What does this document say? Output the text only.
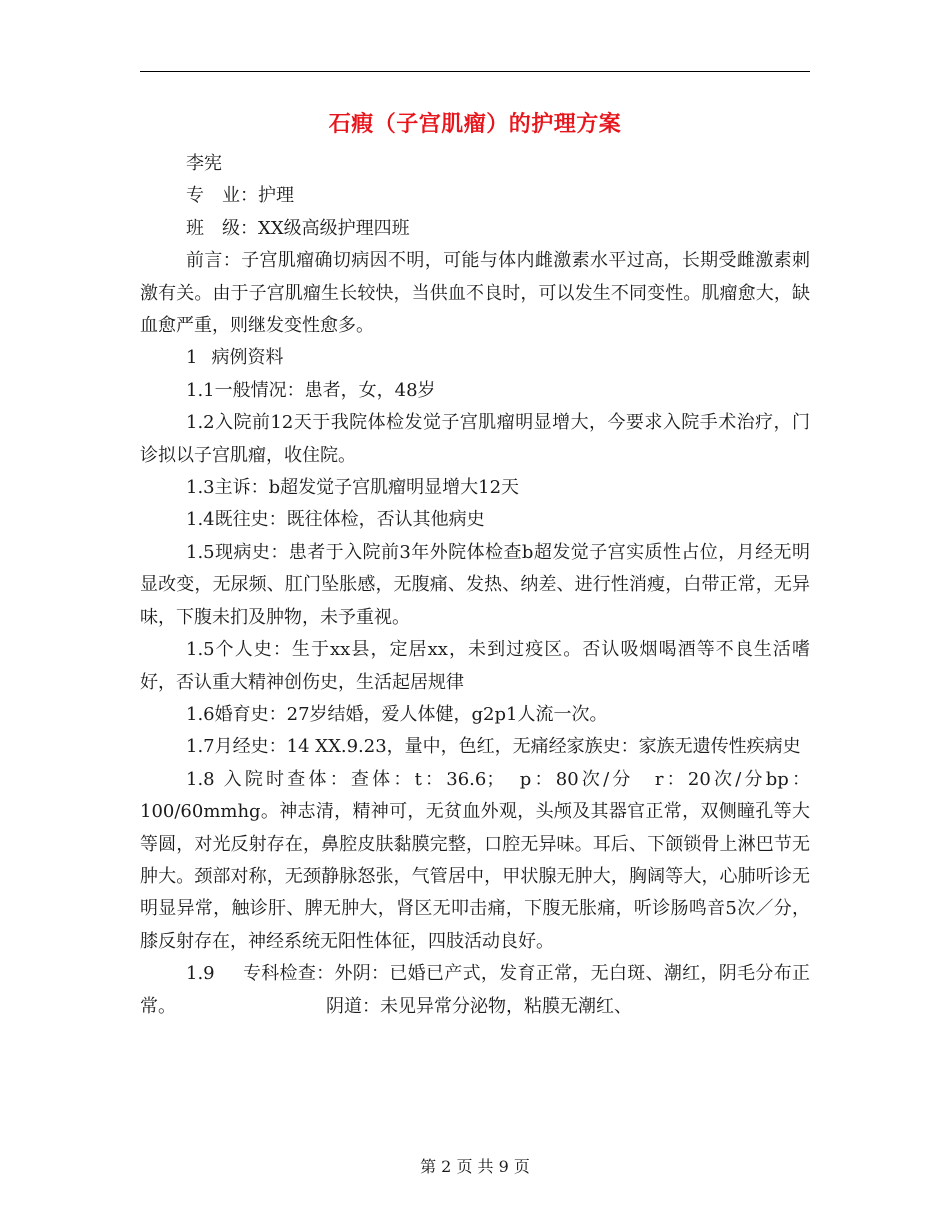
石瘕（子宫肌瘤）的护理方案

李宪

专　业：护理

班　级：XX级高级护理四班

前言：子宫肌瘤确切病因不明，可能与体内雌激素水平过高，长期受雌激素刺激有关。由于子宫肌瘤生长较快，当供血不良时，可以发生不同变性。肌瘤愈大，缺血愈严重，则继发变性愈多。

1 病例资料

1.1一般情况：患者，女，48岁

1.2入院前12天于我院体检发觉子宫肌瘤明显增大，今要求入院手术治疗，门诊拟以子宫肌瘤，收住院。

1.3主诉：b超发觉子宫肌瘤明显增大12天

1.4既往史：既往体检，否认其他病史

1.5现病史：患者于入院前3年外院体检查b超发觉子宫实质性占位，月经无明显改变，无尿频、肛门坠胀感，无腹痛、发热、纳差、进行性消瘦，白带正常，无异味，下腹未扪及肿物，未予重视。

1.5个人史：生于xx县，定居xx，未到过疫区。否认吸烟喝酒等不良生活嗜好，否认重大精神创伤史，生活起居规律

1.6婚育史：27岁结婚，爱人体健，g2p1人流一次。

1.7月经史：14 XX.9.23，量中，色红，无痛经家族史：家族无遗传性疾病史

1.8 入院时查体：查体：t：36.6；　p：80次/分　r：20次/分bp：100/60mmhg。神志清，精神可，无贫血外观，头颅及其器官正常，双侧瞳孔等大等圆，对光反射存在，鼻腔皮肤黏膜完整，口腔无异味。耳后、下颌锁骨上淋巴节无肿大。颈部对称，无颈静脉怒张，气管居中，甲状腺无肿大，胸阔等大，心肺听诊无明显异常，触诊肝、脾无肿大，肾区无叩击痛，下腹无胀痛，听诊肠鸣音5次／分，膝反射存在，神经系统无阳性体征，四肢活动良好。

1.9 专科检查：外阴：已婚已产式，发育正常，无白斑、潮红，阴毛分布正常。	阴道：未见异常分泌物，粘膜无潮红、

第 2 页 共 9 页
